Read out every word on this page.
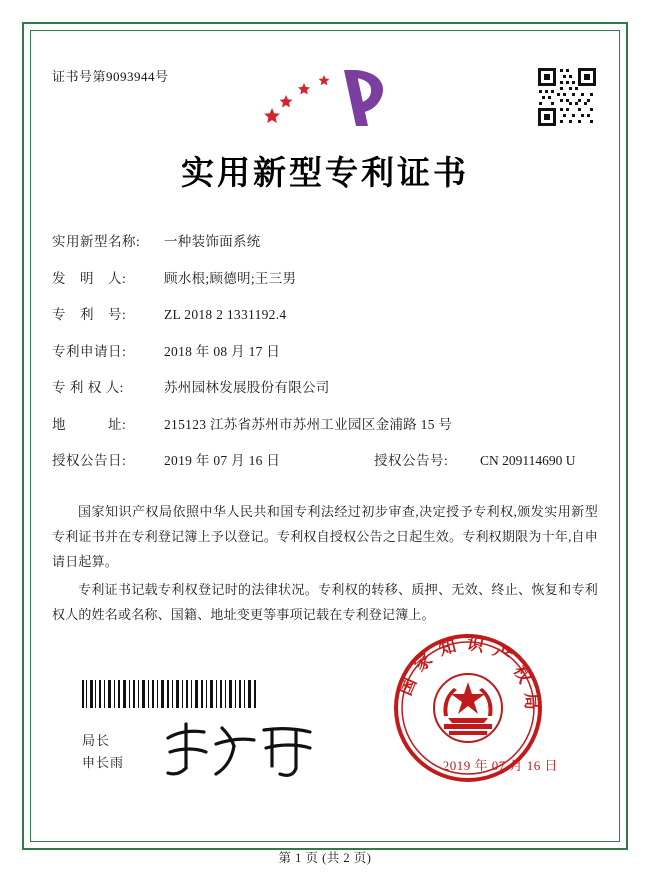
证书号第9093944号
实用新型专利证书
实用新型名称:	一种装饰面系统
发　明　人:	顾水根;顾德明;王三男
专　利　号:	ZL 2018 2 1331192.4
专利申请日:	2018 年 08 月 17 日
专 利 权 人:	苏州园林发展股份有限公司
地　　　址:	215123 江苏省苏州市苏州工业园区金浦路 15 号
授权公告日:	2019 年 07 月 16 日	授权公告号:	CN 209114690 U

国家知识产权局依照中华人民共和国专利法经过初步审查,决定授予专利权,颁发实用新型专利证书并在专利登记簿上予以登记。专利权自授权公告之日起生效。专利权期限为十年,自申请日起算。

专利证书记载专利权登记时的法律状况。专利权的转移、质押、无效、终止、恢复和专利权人的姓名或名称、国籍、地址变更等事项记载在专利登记簿上。

局长
申长雨
国家知识产权局
2019 年 07 月 16 日
第 1 页 (共 2 页)
